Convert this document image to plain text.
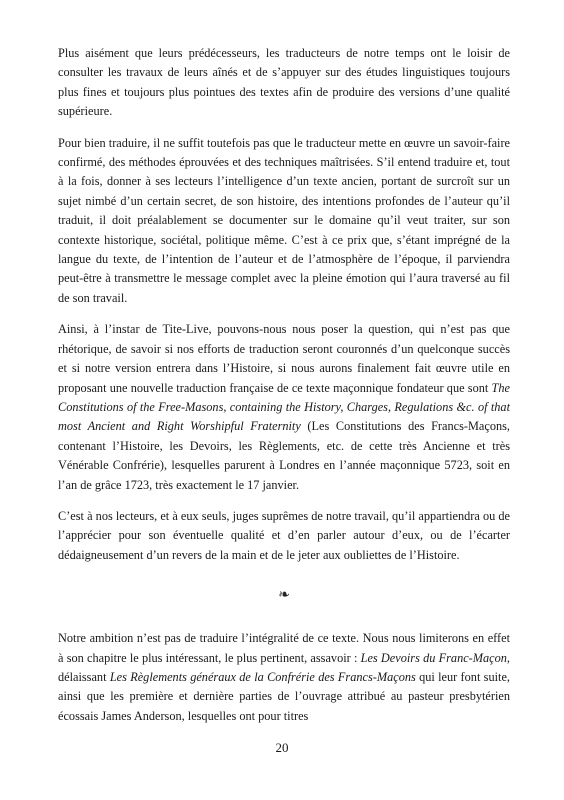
Plus aisément que leurs prédécesseurs, les traducteurs de notre temps ont le loisir de consulter les travaux de leurs aînés et de s’appuyer sur des études linguistiques toujours plus fines et toujours plus pointues des textes afin de produire des versions d’une qualité supérieure.

Pour bien traduire, il ne suffit toutefois pas que le traducteur mette en œuvre un savoir-faire confirmé, des méthodes éprouvées et des techniques maîtrisées. S’il entend traduire et, tout à la fois, donner à ses lecteurs l’intelligence d’un texte ancien, portant de surcroît sur un sujet nimbé d’un certain secret, de son histoire, des intentions profondes de l’auteur qu’il traduit, il doit préalablement se documenter sur le domaine qu’il veut traiter, sur son contexte historique, sociétal, politique même. C’est à ce prix que, s’étant imprégné de la langue du texte, de l’intention de l’auteur et de l’atmosphère de l’époque, il parviendra peut-être à transmettre le message complet avec la pleine émotion qui l’aura traversé au fil de son travail.

Ainsi, à l’instar de Tite-Live, pouvons-nous nous poser la question, qui n’est pas que rhétorique, de savoir si nos efforts de traduction seront couronnés d’un quelconque succès et si notre version entrera dans l’Histoire, si nous aurons finalement fait œuvre utile en proposant une nouvelle traduction française de ce texte maçonnique fondateur que sont The Constitutions of the Free-Masons, containing the History, Charges, Regulations &c. of that most Ancient and Right Worshipful Fraternity (Les Constitutions des Francs-Maçons, contenant l’Histoire, les Devoirs, les Règlements, etc. de cette très Ancienne et très Vénérable Confrérie), lesquelles parurent à Londres en l’année maçonnique 5723, soit en l’an de grâce 1723, très exactement le 17 janvier.

C’est à nos lecteurs, et à eux seuls, juges suprêmes de notre travail, qu’il appartiendra ou de l’apprécier pour son éventuelle qualité et d’en parler autour d’eux, ou de l’écarter dédaigneusement d’un revers de la main et de le jeter aux oubliettes de l’Histoire.

❧

Notre ambition n’est pas de traduire l’intégralité de ce texte. Nous nous limiterons en effet à son chapitre le plus intéressant, le plus pertinent, assavoir : Les Devoirs du Franc-Maçon, délaissant Les Règlements généraux de la Confrérie des Francs-Maçons qui leur font suite, ainsi que les première et dernière parties de l’ouvrage attribué au pasteur presbytérien écossais James Anderson, lesquelles ont pour titres

20
